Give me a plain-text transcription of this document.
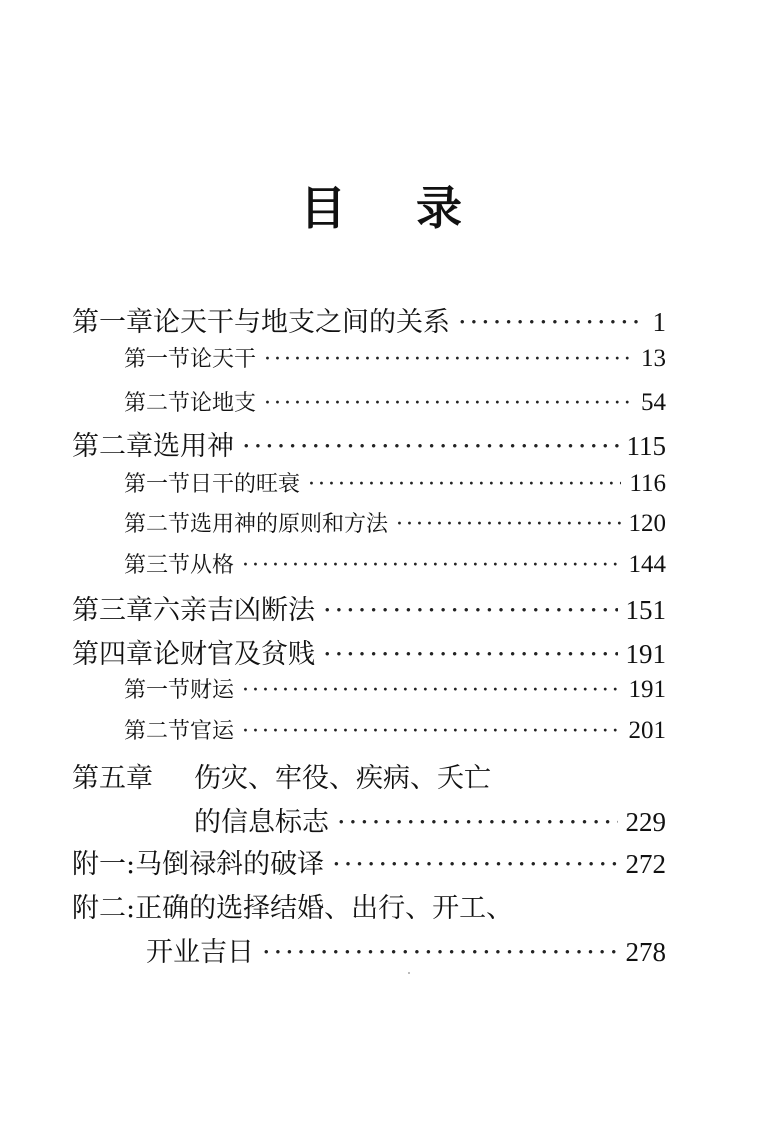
目录
第一章 论天干与地支之间的关系 ·····	1
第一节 论天干 ·····	13
第二节 论地支 ·····	54
第二章 选用神 ·····	115
第一节 日干的旺衰 ·····	116
第二节 选用神的原则和方法 ·····	120
第三节 从格 ·····	144
第三章 六亲吉凶断法 ·····	151
第四章 论财官及贫贱 ·····	191
第一节 财运 ·····	191
第二节 官运 ·····	201
第五章 伤灾、牢役、疾病、夭亡
的信息标志 ·····	229
附一: 马倒禄斜的破译 ·····	272
附二:正确的选择结婚、出行、开工、
开业吉日 ·····	278
